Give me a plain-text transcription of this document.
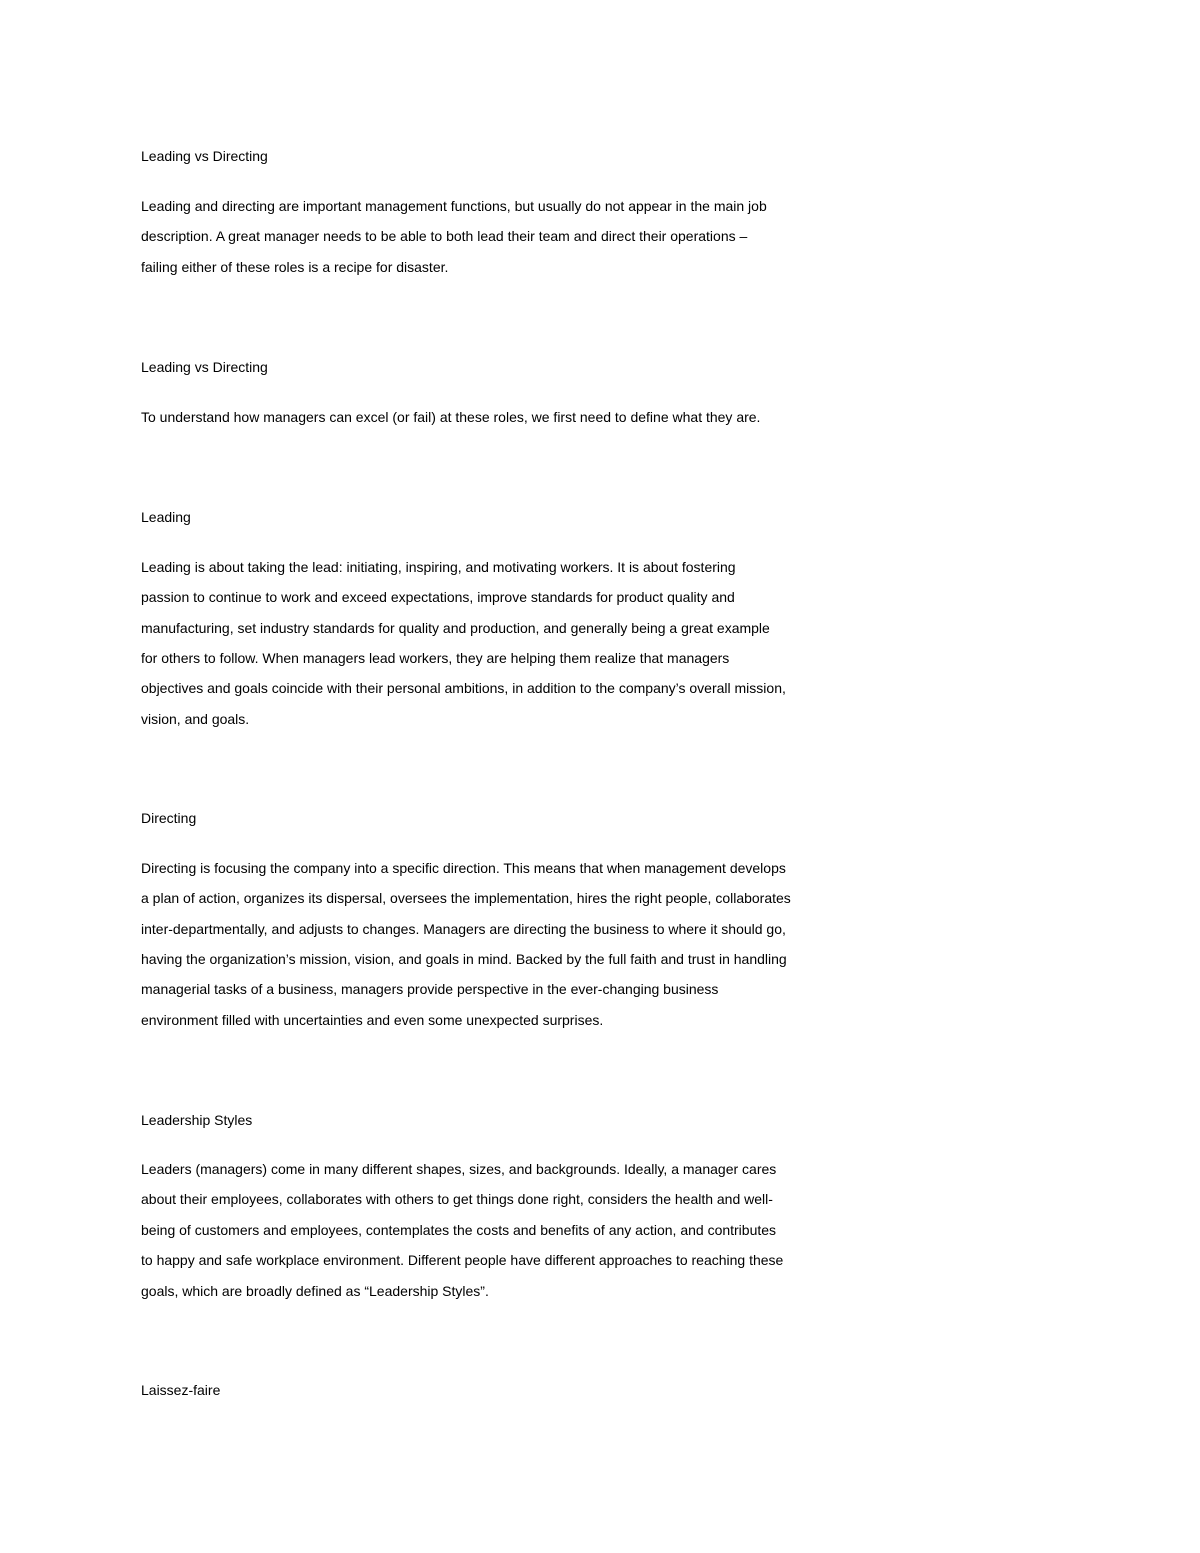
Leading vs Directing
Leading and directing are important management functions, but usually do not appear in the main job
description. A great manager needs to be able to both lead their team and direct their operations –
failing either of these roles is a recipe for disaster.
Leading vs Directing
To understand how managers can excel (or fail) at these roles, we first need to define what they are.
Leading
Leading is about taking the lead: initiating, inspiring, and motivating workers. It is about fostering
passion to continue to work and exceed expectations, improve standards for product quality and
manufacturing, set industry standards for quality and production, and generally being a great example
for others to follow. When managers lead workers, they are helping them realize that managers
objectives and goals coincide with their personal ambitions, in addition to the company’s overall mission,
vision, and goals.
Directing
Directing is focusing the company into a specific direction. This means that when management develops
a plan of action, organizes its dispersal, oversees the implementation, hires the right people, collaborates
inter-departmentally, and adjusts to changes. Managers are directing the business to where it should go,
having the organization’s mission, vision, and goals in mind. Backed by the full faith and trust in handling
managerial tasks of a business, managers provide perspective in the ever-changing business
environment filled with uncertainties and even some unexpected surprises.
Leadership Styles
Leaders (managers) come in many different shapes, sizes, and backgrounds. Ideally, a manager cares
about their employees, collaborates with others to get things done right, considers the health and well-
being of customers and employees, contemplates the costs and benefits of any action, and contributes
to happy and safe workplace environment. Different people have different approaches to reaching these
goals, which are broadly defined as “Leadership Styles”.
Laissez-faire
